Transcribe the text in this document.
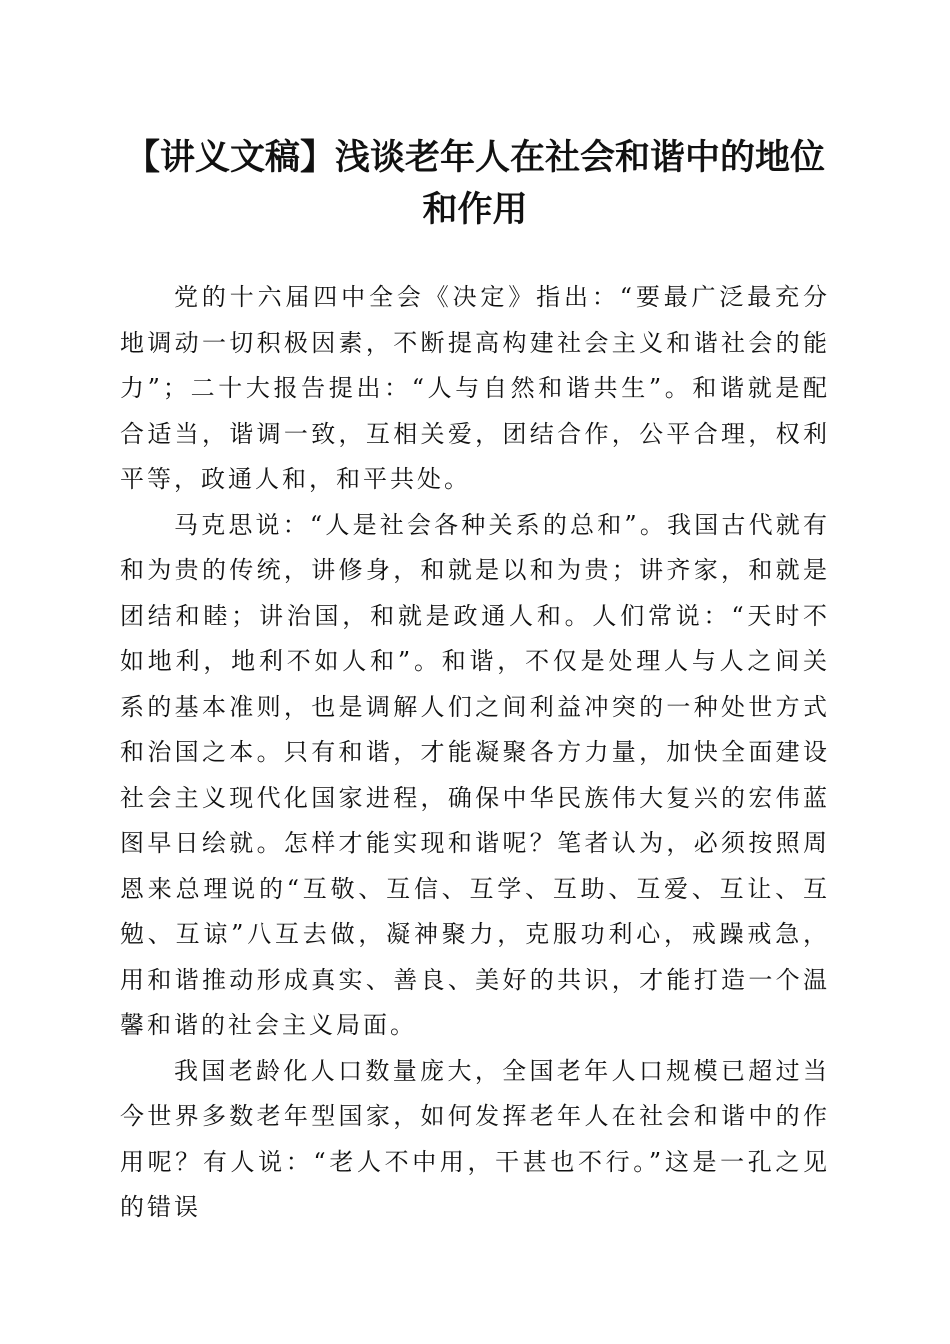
【讲义文稿】浅谈老年人在社会和谐中的地位
和作用

党的十六届四中全会《决定》指出：“要最广泛最充分地调动一切积极因素，不断提高构建社会主义和谐社会的能力”；二十大报告提出：“人与自然和谐共生”。和谐就是配合适当，谐调一致，互相关爱，团结合作，公平合理，权利平等，政通人和，和平共处。

马克思说：“人是社会各种关系的总和”。我国古代就有和为贵的传统，讲修身，和就是以和为贵；讲齐家，和就是团结和睦；讲治国，和就是政通人和。人们常说：“天时不如地利，地利不如人和”。和谐，不仅是处理人与人之间关系的基本准则，也是调解人们之间利益冲突的一种处世方式和治国之本。只有和谐，才能凝聚各方力量，加快全面建设社会主义现代化国家进程，确保中华民族伟大复兴的宏伟蓝图早日绘就。怎样才能实现和谐呢？笔者认为，必须按照周恩来总理说的“互敬、互信、互学、互助、互爱、互让、互勉、互谅”八互去做，凝神聚力，克服功利心，戒躁戒急，用和谐推动形成真实、善良、美好的共识，才能打造一个温馨和谐的社会主义局面。

我国老龄化人口数量庞大，全国老年人口规模已超过当今世界多数老年型国家，如何发挥老年人在社会和谐中的作用呢？有人说：“老人不中用，干甚也不行。”这是一孔之见的错误
